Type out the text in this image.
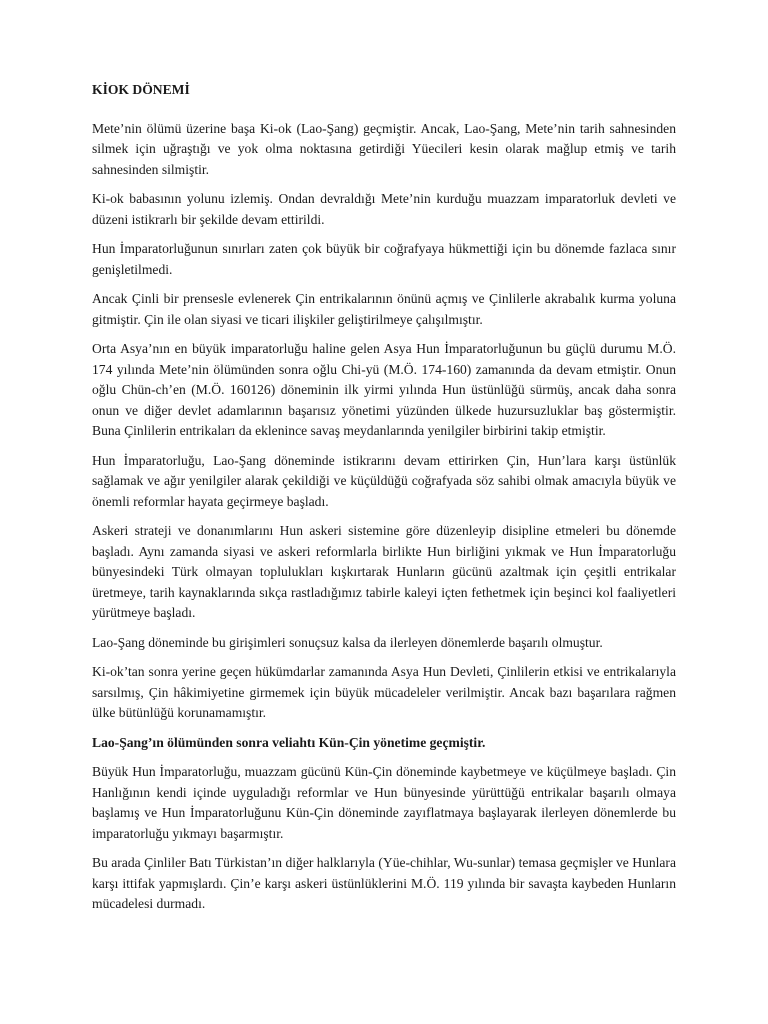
KİOK DÖNEMİ

Mete’nin ölümü üzerine başa Ki-ok (Lao-Şang) geçmiştir. Ancak, Lao-Şang, Mete’nin tarih sahnesinden silmek için uğraştığı ve yok olma noktasına getirdiği Yüecileri kesin olarak mağlup etmiş ve tarih sahnesinden silmiştir.

Ki-ok babasının yolunu izlemiş. Ondan devraldığı Mete’nin kurduğu muazzam imparatorluk devleti ve düzeni istikrarlı bir şekilde devam ettirildi.

Hun İmparatorluğunun sınırları zaten çok büyük bir coğrafyaya hükmettiği için bu dönemde fazlaca sınır genişletilmedi.

Ancak Çinli bir prensesle evlenerek Çin entrikalarının önünü açmış ve Çinlilerle akrabalık kurma yoluna gitmiştir. Çin ile olan siyasi ve ticari ilişkiler geliştirilmeye çalışılmıştır.

Orta Asya’nın en büyük imparatorluğu haline gelen Asya Hun İmparatorluğunun bu güçlü durumu M.Ö. 174 yılında Mete’nin ölümünden sonra oğlu Chi-yü (M.Ö. 174-160) zamanında da devam etmiştir. Onun oğlu Chün-ch’en (M.Ö. 160126) döneminin ilk yirmi yılında Hun üstünlüğü sürmüş, ancak daha sonra onun ve diğer devlet adamlarının başarısız yönetimi yüzünden ülkede huzursuzluklar baş göstermiştir. Buna Çinlilerin entrikaları da eklenince savaş meydanlarında yenilgiler birbirini takip etmiştir.

Hun İmparatorluğu, Lao-Şang döneminde istikrarını devam ettirirken Çin, Hun’lara karşı üstünlük sağlamak ve ağır yenilgiler alarak çekildiği ve küçüldüğü coğrafyada söz sahibi olmak amacıyla büyük ve önemli reformlar hayata geçirmeye başladı.

Askeri strateji ve donanımlarını Hun askeri sistemine göre düzenleyip disipline etmeleri bu dönemde başladı. Aynı zamanda siyasi ve askeri reformlarla birlikte Hun birliğini yıkmak ve Hun İmparatorluğu bünyesindeki Türk olmayan toplulukları kışkırtarak Hunların gücünü azaltmak için çeşitli entrikalar üretmeye, tarih kaynaklarında sıkça rastladığımız tabirle kaleyi içten fethetmek için beşinci kol faaliyetleri yürütmeye başladı.

Lao-Şang döneminde bu girişimleri sonuçsuz kalsa da ilerleyen dönemlerde başarılı olmuştur.

Ki-ok’tan sonra yerine geçen hükümdarlar zamanında Asya Hun Devleti, Çinlilerin etkisi ve entrikalarıyla sarsılmış, Çin hâkimiyetine girmemek için büyük mücadeleler verilmiştir. Ancak bazı başarılara rağmen ülke bütünlüğü korunamamıştır.

Lao-Şang’ın ölümünden sonra veliahtı Kün-Çin yönetime geçmiştir.

Büyük Hun İmparatorluğu, muazzam gücünü Kün-Çin döneminde kaybetmeye ve küçülmeye başladı. Çin Hanlığının kendi içinde uyguladığı reformlar ve Hun bünyesinde yürüttüğü entrikalar başarılı olmaya başlamış ve Hun İmparatorluğunu Kün-Çin döneminde zayıflatmaya başlayarak ilerleyen dönemlerde bu imparatorluğu yıkmayı başarmıştır.

Bu arada Çinliler Batı Türkistan’ın diğer halklarıyla (Yüe-chihlar, Wu-sunlar) temasa geçmişler ve Hunlara karşı ittifak yapmışlardı. Çin’e karşı askeri üstünlüklerini M.Ö. 119 yılında bir savaşta kaybeden Hunların mücadelesi durmadı.
